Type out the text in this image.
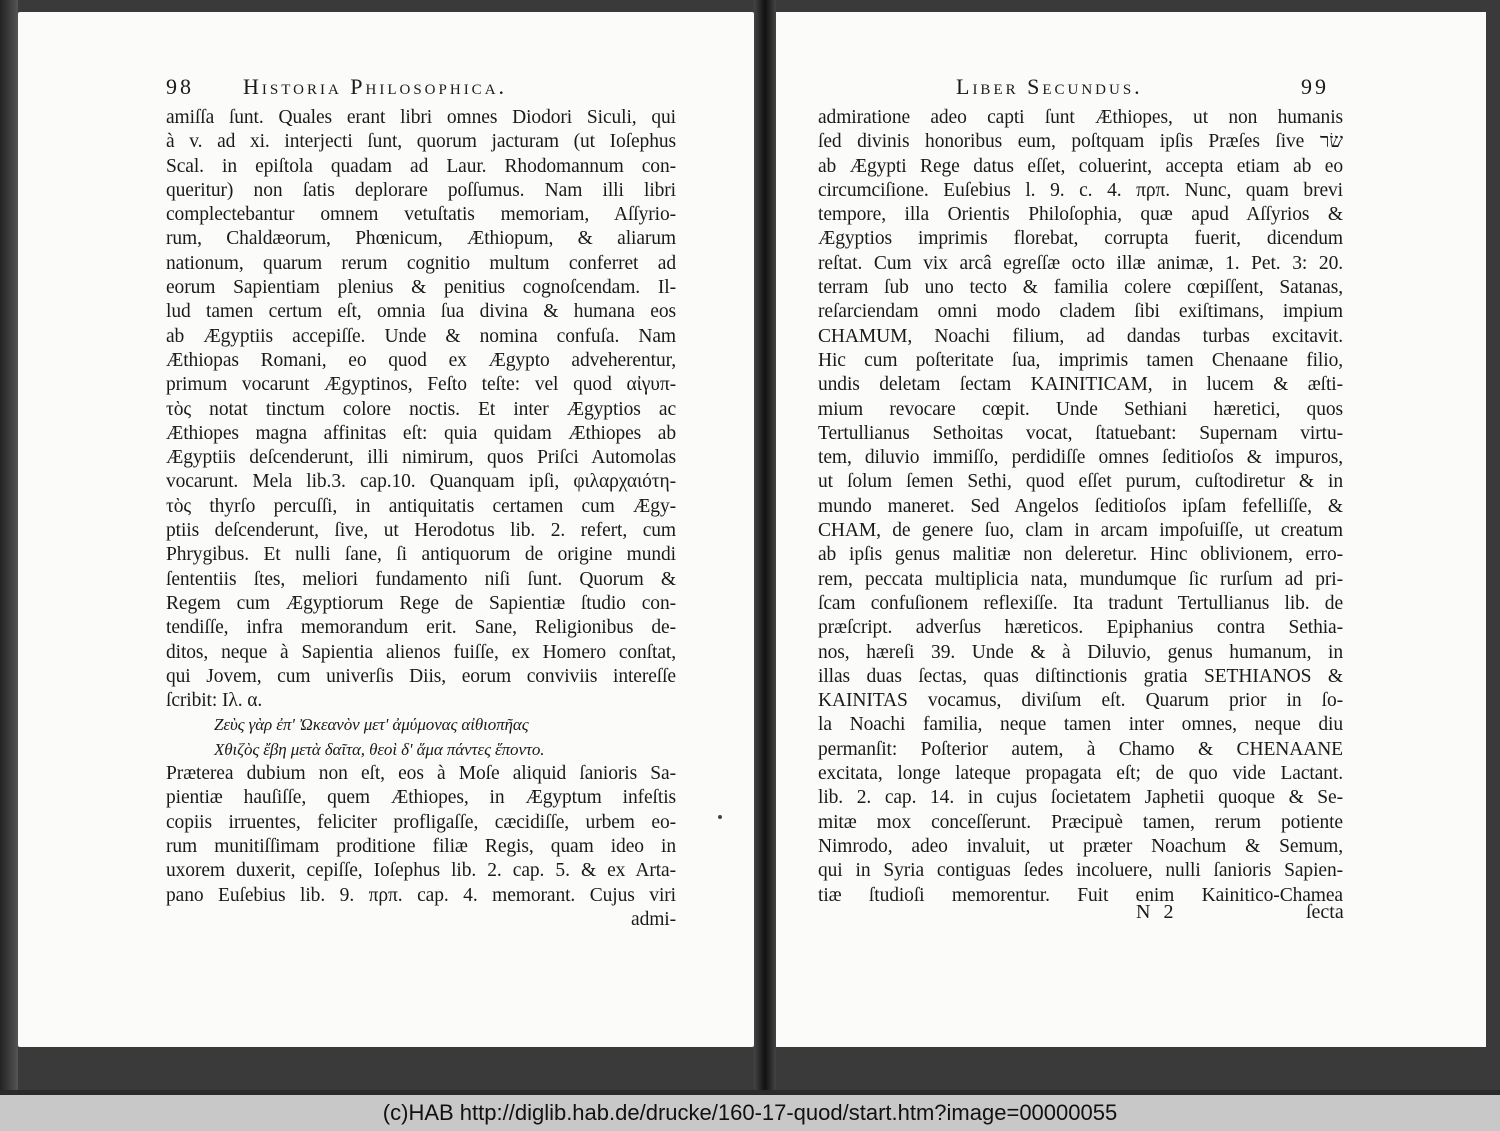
98 Historia Philosophica.
amiſſa ſunt. Quales erant libri omnes Diodori Siculi, qui
à v. ad xi. interjecti ſunt, quorum jacturam (ut Ioſephus
Scal. in epiſtola quadam ad Laur. Rhodomannum con-
queritur) non ſatis deplorare poſſumus. Nam illi libri
complectebantur omnem vetuſtatis memoriam, Aſſyrio-
rum, Chaldæorum, Phœnicum, Æthiopum, & aliarum
nationum, quarum rerum cognitio multum conferret ad
eorum Sapientiam plenius & penitius cognoſcendam. Il-
lud tamen certum eſt, omnia ſua divina & humana eos
ab Ægyptiis accepiſſe. Unde & nomina confuſa. Nam
Æthiopas Romani, eo quod ex Ægypto adveherentur,
primum vocarunt Ægyptinos, Feſto teſte: vel quod αἰγυπ-
τὸς notat tinctum colore noctis. Et inter Ægyptios ac
Æthiopes magna affinitas eſt: quia quidam Æthiopes ab
Ægyptiis deſcenderunt, illi nimirum, quos Priſci Automolas
vocarunt. Mela lib.3. cap.10. Quanquam ipſi, φιλαρχαιότη-
τὸς thyrſo percuſſi, in antiquitatis certamen cum Ægy-
ptiis deſcenderunt, ſive, ut Herodotus lib. 2. refert, cum
Phrygibus. Et nulli ſane, ſi antiquorum de origine mundi
ſententiis ſtes, meliori fundamento niſi ſunt. Quorum &
Regem cum Ægyptiorum Rege de Sapientiæ ſtudio con-
tendiſſe, infra memorandum erit. Sane, Religionibus de-
ditos, neque à Sapientia alienos fuiſſe, ex Homero conſtat,
qui Jovem, cum univerſis Diis, eorum conviviis intereſſe
ſcribit: Ιλ. α.
Ζεὺς γὰρ ἐπ' Ὠκεανὸν μετ' ἀμύμονας αἰθιοπῆας
Χθιζὸς ἔβη μετὰ δαῖτα, θεοὶ δ' ἅμα πάντες ἕποντο.
Præterea dubium non eſt, eos à Moſe aliquid ſanioris Sa-
pientiæ hauſiſſe, quem Æthiopes, in Ægyptum infeſtis
copiis irruentes, feliciter profligaſſe, cæcidiſſe, urbem eo-
rum munitiſſimam proditione filiæ Regis, quam ideo in
uxorem duxerit, cepiſſe, Ioſephus lib. 2. cap. 5. & ex Arta-
pano Euſebius lib. 9. πρπ. cap. 4. memorant. Cujus viri
admi-
Liber Secundus.	99
admiratione adeo capti ſunt Æthiopes, ut non humanis
ſed divinis honoribus eum, poſtquam ipſis Præſes ſive שׂר
ab Ægypti Rege datus eſſet, coluerint, accepta etiam ab eo
circumciſione. Euſebius l. 9. c. 4. πρπ. Nunc, quam brevi
tempore, illa Orientis Philoſophia, quæ apud Aſſyrios &
Ægyptios imprimis florebat, corrupta fuerit, dicendum
reſtat. Cum vix arcâ egreſſæ octo illæ animæ, 1. Pet. 3: 20.
terram ſub uno tecto & familia colere cœpiſſent, Satanas,
reſarciendam omni modo cladem ſibi exiſtimans, impium
CHAMUM, Noachi filium, ad dandas turbas excitavit.
Hic cum poſteritate ſua, imprimis tamen Chenaane filio,
undis deletam ſectam KAINITICAM, in lucem & æſti-
mium revocare cœpit. Unde Sethiani hæretici, quos
Tertullianus Sethoitas vocat, ſtatuebant: Supernam virtu-
tem, diluvio immiſſo, perdidiſſe omnes ſeditioſos & impuros,
ut ſolum ſemen Sethi, quod eſſet purum, cuſtodiretur & in
mundo maneret. Sed Angelos ſeditioſos ipſam fefelliſſe, &
CHAM, de genere ſuo, clam in arcam impoſuiſſe, ut creatum
ab ipſis genus malitiæ non deleretur. Hinc oblivionem, erro-
rem, peccata multiplicia nata, mundumque ſic rurſum ad pri-
ſcam confuſionem reflexiſſe. Ita tradunt Tertullianus lib. de
præſcript. adverſus hæreticos. Epiphanius contra Sethia-
nos, hæreſi 39. Unde & à Diluvio, genus humanum, in
illas duas ſectas, quas diſtinctionis gratia SETHIANOS &
KAINITAS vocamus, diviſum eſt. Quarum prior in ſo-
la Noachi familia, neque tamen inter omnes, neque diu
permanſit: Poſterior autem, à Chamo & CHENAANE
excitata, longe lateque propagata eſt; de quo vide Lactant.
lib. 2. cap. 14. in cujus ſocietatem Japhetii quoque & Se-
mitæ mox conceſſerunt. Præcipuè tamen, rerum potiente
Nimrodo, adeo invaluit, ut præter Noachum & Semum,
qui in Syria contiguas ſedes incoluere, nulli ſanioris Sapien-
tiæ ſtudioſi memorentur. Fuit enim Kainitico-Chamea
N 2	ſecta
(c)HAB http://diglib.hab.de/drucke/160-17-quod/start.htm?image=00000055
